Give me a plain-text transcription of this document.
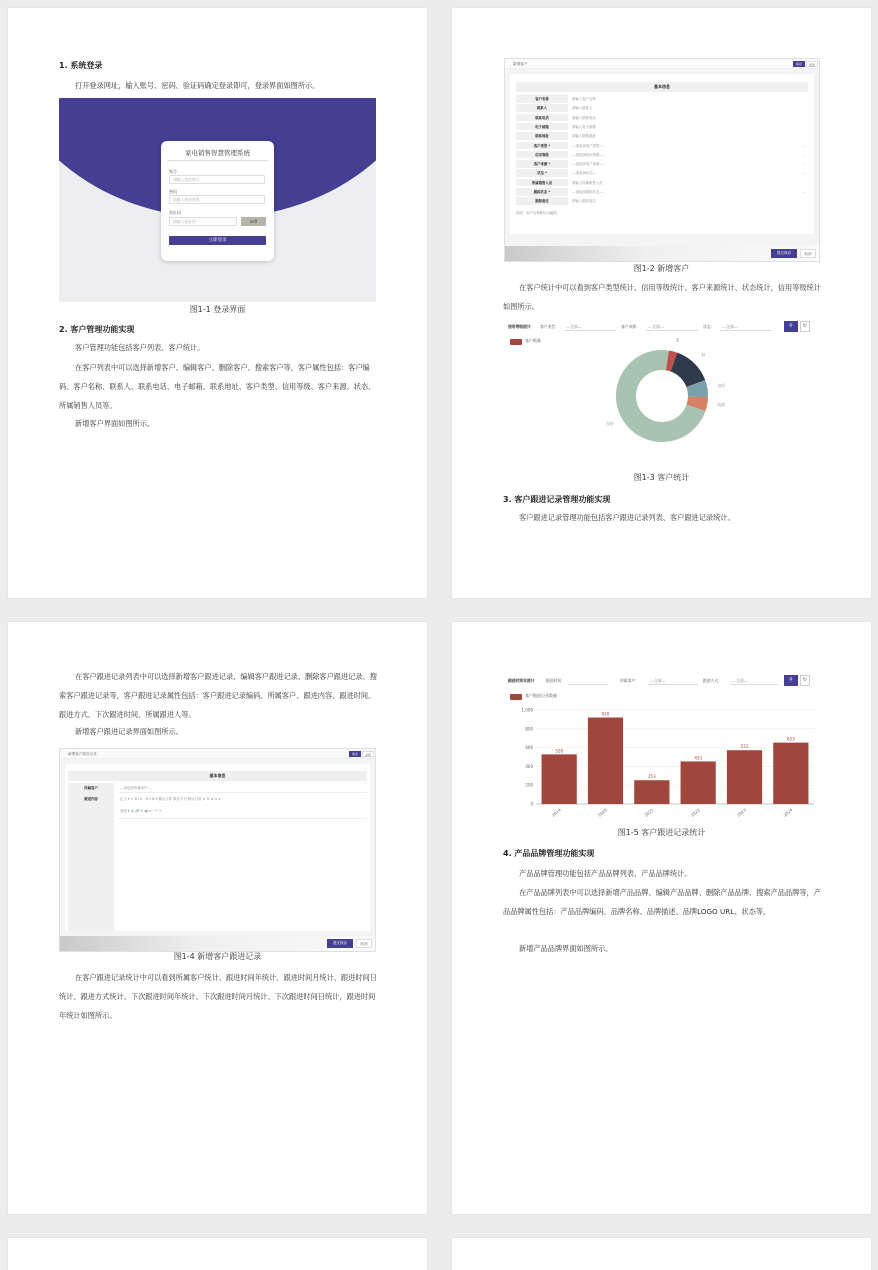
1. 系统登录
打开登录网址，输入账号、密码、验证码确定登录即可，登录界面如图所示。
家电销售智慧管理系统
账号
请输入您的账号
密码
请输入您的密码
验证码
请输入验证码	xe9
立即登录
图1-1 登录界面
2. 客户管理功能实现
客户管理功能包括客户列表、客户统计。
在客户列表中可以选择新增客户、编辑客户、删除客户、搜索客户等，客户属性包括：客户编码、客户名称、联系人、联系电话、电子邮箱、联系地址、客户类型、信用等级、客户来源、状态、所属销售人员等。
新增客户界面如图所示。
新增客户	保存	返回
基本信息
客户名称	请输入客户名称
联系人	请输入联系人
联系电话	请输入联系电话
电子邮箱	请输入电子邮箱
联系地址	请输入联系地址
客户类型 *	---请选择客户类型---	⌄
信用等级	---请选择信用等级---	⌄
客户来源 *	---请选择客户来源---	⌄
状态 *	---请选择状态---	⌄
所属销售人员	请输入所属销售人员
跟踪状态 *	---请选择跟踪状态---	⌄
跟踪备注	请输入跟踪备注
说明：用户名称默认为编码。
提交保存	取消
图1-2 新增客户
在客户统计中可以看到客户类型统计、信用等级统计、客户来源统计、状态统计，信用等级统计如图所示。
信用等级统计 客户类型：	---全部---	客户来源：	---全部---	状态：	---全部---	⚲	↻
客户数量	差
较
良好
较高
良好
图1-3 客户统计
3. 客户跟进记录管理功能实现
客户跟进记录管理功能包括客户跟进记录列表、客户跟进记录统计。
在客户跟进记录列表中可以选择新增客户跟进记录、编辑客户跟进记录、删除客户跟进记录、搜索客户跟进记录等，客户跟进记录属性包括：客户跟进记录编码、所属客户、跟进内容、跟进时间、跟进方式、下次跟进时间、所属跟进人等。
新增客户跟进记录界面如图所示。
新增客户跟进记录	保存	返回
基本信息
所属客户	---请选择所属客户---
跟进内容	正文 ▾ ⇔ B I U · A ▾ ⊞ ▾ 默认字体 默认字号 默认行高 ≡ ☰ ≣ ⊡ ▾
表格 ▾ ☺ 🔗 ⊡ ▦ ▾ ⛶ ↶ ↷
提交保存	取消
图1-4 新增客户跟进记录
在客户跟进记录统计中可以看到所属客户统计、跟进时间年统计、跟进时间月统计、跟进时间日统计、跟进方式统计、下次跟进时间年统计、下次跟进时间月统计、下次跟进时间日统计，跟进时间年统计如图所示。
跟进时间年统计	跟进时间：	所属客户：	---全部---	跟进方式：	---全部---	⚲	↻
客户跟进记录数量
0
200
400
600
800
1,000
528
2019
920
2020
253
2021
453
2022
572
2023
653
2024
图1-5 客户跟进记录统计
4. 产品品牌管理功能实现
产品品牌管理功能包括产品品牌列表、产品品牌统计。
在产品品牌列表中可以选择新增产品品牌、编辑产品品牌、删除产品品牌、搜索产品品牌等，产品品牌属性包括：产品品牌编码、品牌名称、品牌描述、品牌LOGO URL、状态等。
新增产品品牌界面如图所示。
